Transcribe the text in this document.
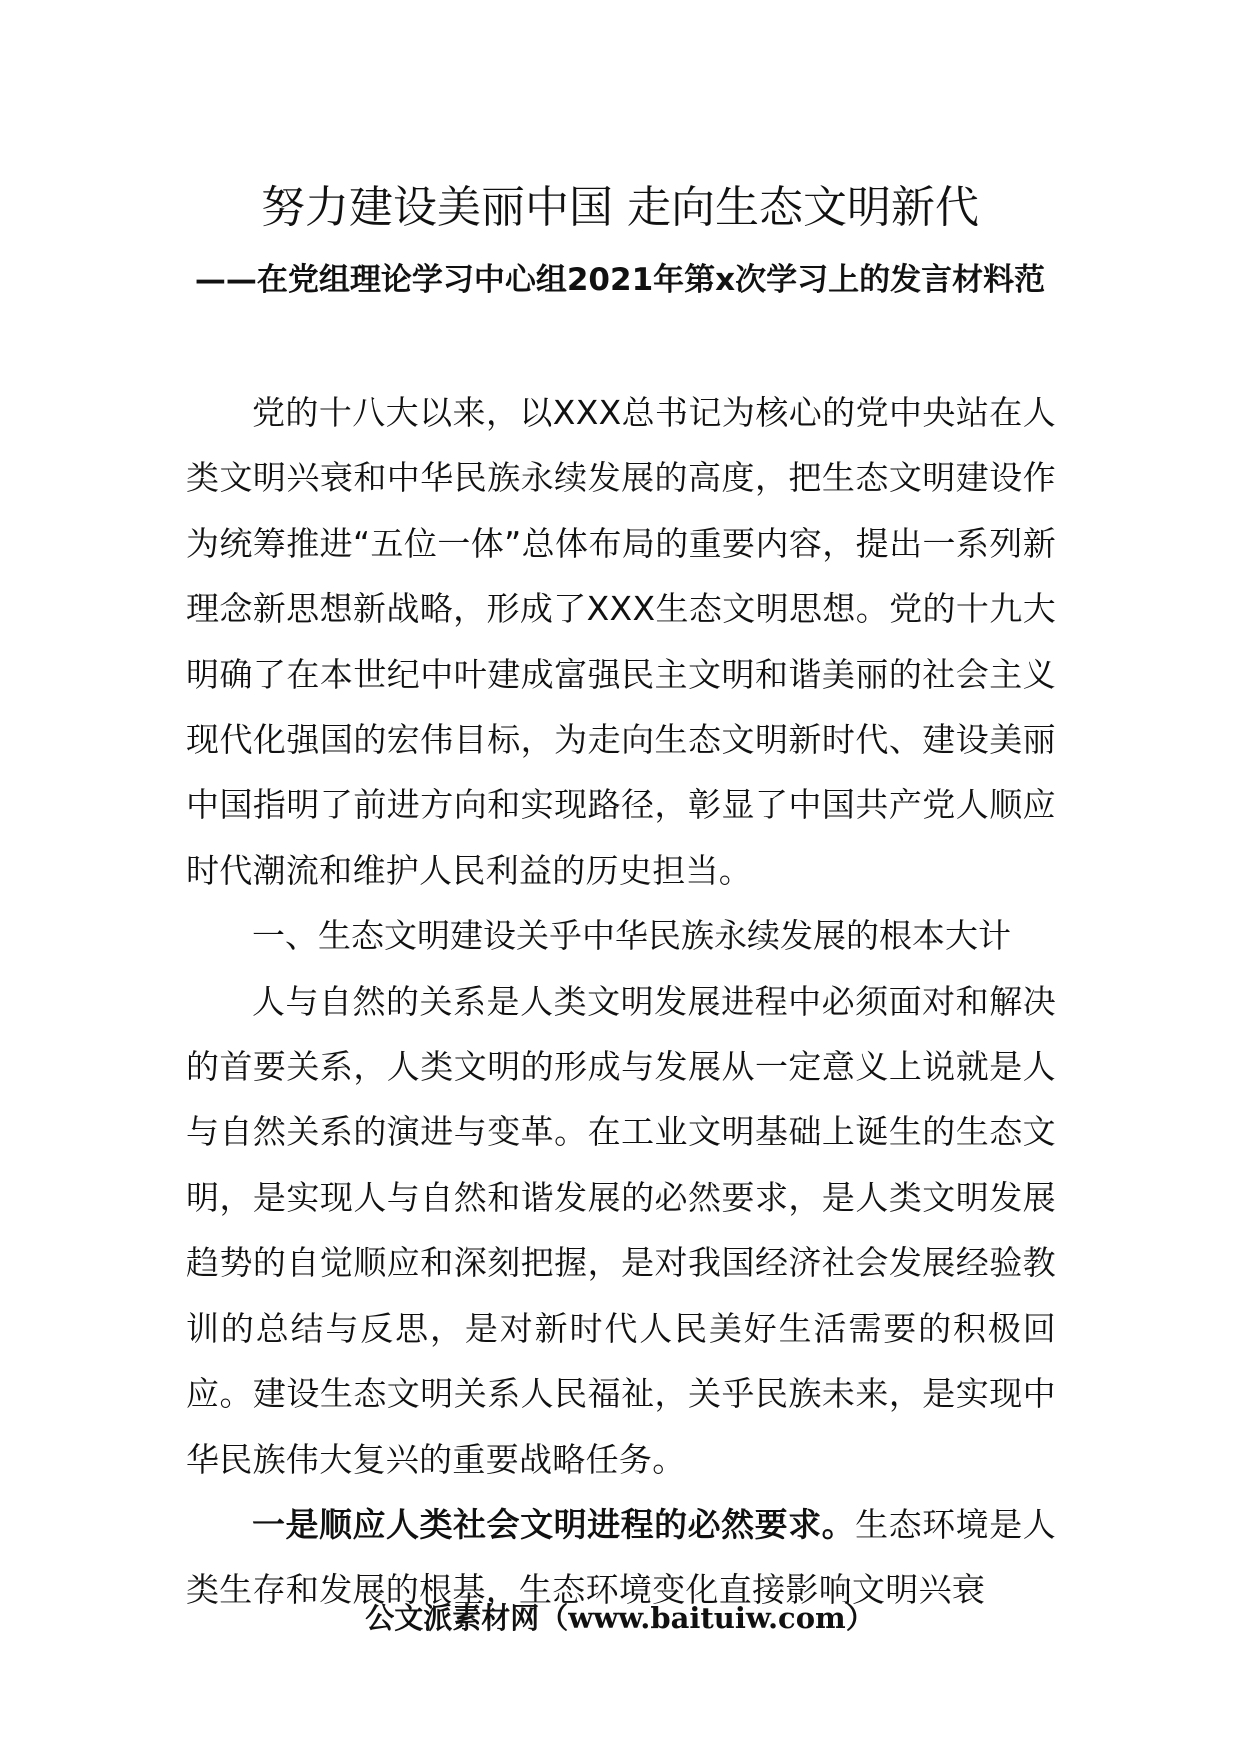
努力建设美丽中国 走向生态文明新代
——在党组理论学习中心组2021年第x次学习上的发言材料范

党的十八大以来，以XXX总书记为核心的党中央站在人类文明兴衰和中华民族永续发展的高度，把生态文明建设作为统筹推进“五位一体”总体布局的重要内容，提出一系列新理念新思想新战略，形成了XXX生态文明思想。党的十九大明确了在本世纪中叶建成富强民主文明和谐美丽的社会主义现代化强国的宏伟目标，为走向生态文明新时代、建设美丽中国指明了前进方向和实现路径，彰显了中国共产党人顺应时代潮流和维护人民利益的历史担当。

一、生态文明建设关乎中华民族永续发展的根本大计

人与自然的关系是人类文明发展进程中必须面对和解决的首要关系，人类文明的形成与发展从一定意义上说就是人与自然关系的演进与变革。在工业文明基础上诞生的生态文明，是实现人与自然和谐发展的必然要求，是人类文明发展趋势的自觉顺应和深刻把握，是对我国经济社会发展经验教训的总结与反思，是对新时代人民美好生活需要的积极回应。建设生态文明关系人民福祉，关乎民族未来，是实现中华民族伟大复兴的重要战略任务。

一是顺应人类社会文明进程的必然要求。生态环境是人类生存和发展的根基，生态环境变化直接影响文明兴衰

公文派素材网（www.baituiw.com）
